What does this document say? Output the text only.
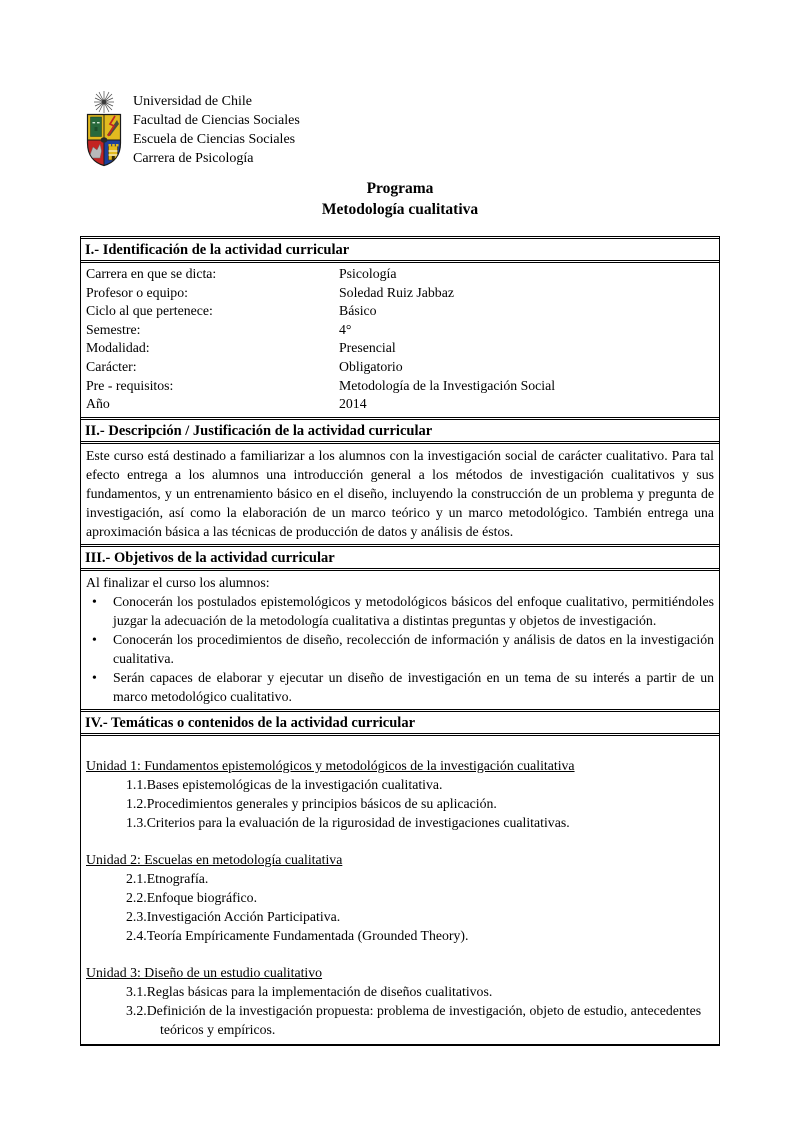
Universidad de Chile
Facultad de Ciencias Sociales
Escuela de Ciencias Sociales
Carrera de Psicología
Programa
Metodología cualitativa
I.- Identificación de la actividad curricular
Carrera en que se dicta:	Psicología
Profesor o equipo:	Soledad Ruiz Jabbaz
Ciclo al que pertenece:	Básico
Semestre:	4°
Modalidad:	Presencial
Carácter:	Obligatorio
Pre - requisitos:	Metodología de la Investigación Social
Año	2014
II.- Descripción / Justificación de la actividad curricular
Este curso está destinado a familiarizar a los alumnos con la investigación social de carácter cualitativo. Para tal efecto entrega a los alumnos una introducción general a los métodos de investigación cualitativos y sus fundamentos, y un entrenamiento básico en el diseño, incluyendo la construcción de un problema y pregunta de investigación, así como la elaboración de un marco teórico y un marco metodológico. También entrega una aproximación básica a las técnicas de producción de datos y análisis de éstos.
III.- Objetivos de la actividad curricular
Al finalizar el curso los alumnos:
•	Conocerán los postulados epistemológicos y metodológicos básicos del enfoque cualitativo, permitiéndoles juzgar la adecuación de la metodología cualitativa a distintas preguntas y objetos de investigación.
•	Conocerán los procedimientos de diseño, recolección de información y análisis de datos en la investigación cualitativa.
•	Serán capaces de elaborar y ejecutar un diseño de investigación en un tema de su interés a partir de un marco metodológico cualitativo.
IV.- Temáticas o contenidos de la actividad curricular
Unidad 1: Fundamentos epistemológicos y metodológicos de la investigación cualitativa
1.1.Bases epistemológicas de la investigación cualitativa.
1.2.Procedimientos generales y principios básicos de su aplicación.
1.3.Criterios para la evaluación de la rigurosidad de investigaciones cualitativas.
Unidad 2: Escuelas en metodología cualitativa
2.1.Etnografía.
2.2.Enfoque biográfico.
2.3.Investigación Acción Participativa.
2.4.Teoría Empíricamente Fundamentada (Grounded Theory).
Unidad 3: Diseño de un estudio cualitativo
3.1.Reglas básicas para la implementación de diseños cualitativos.
3.2.Definición de la investigación propuesta: problema de investigación, objeto de estudio, antecedentes teóricos y empíricos.
